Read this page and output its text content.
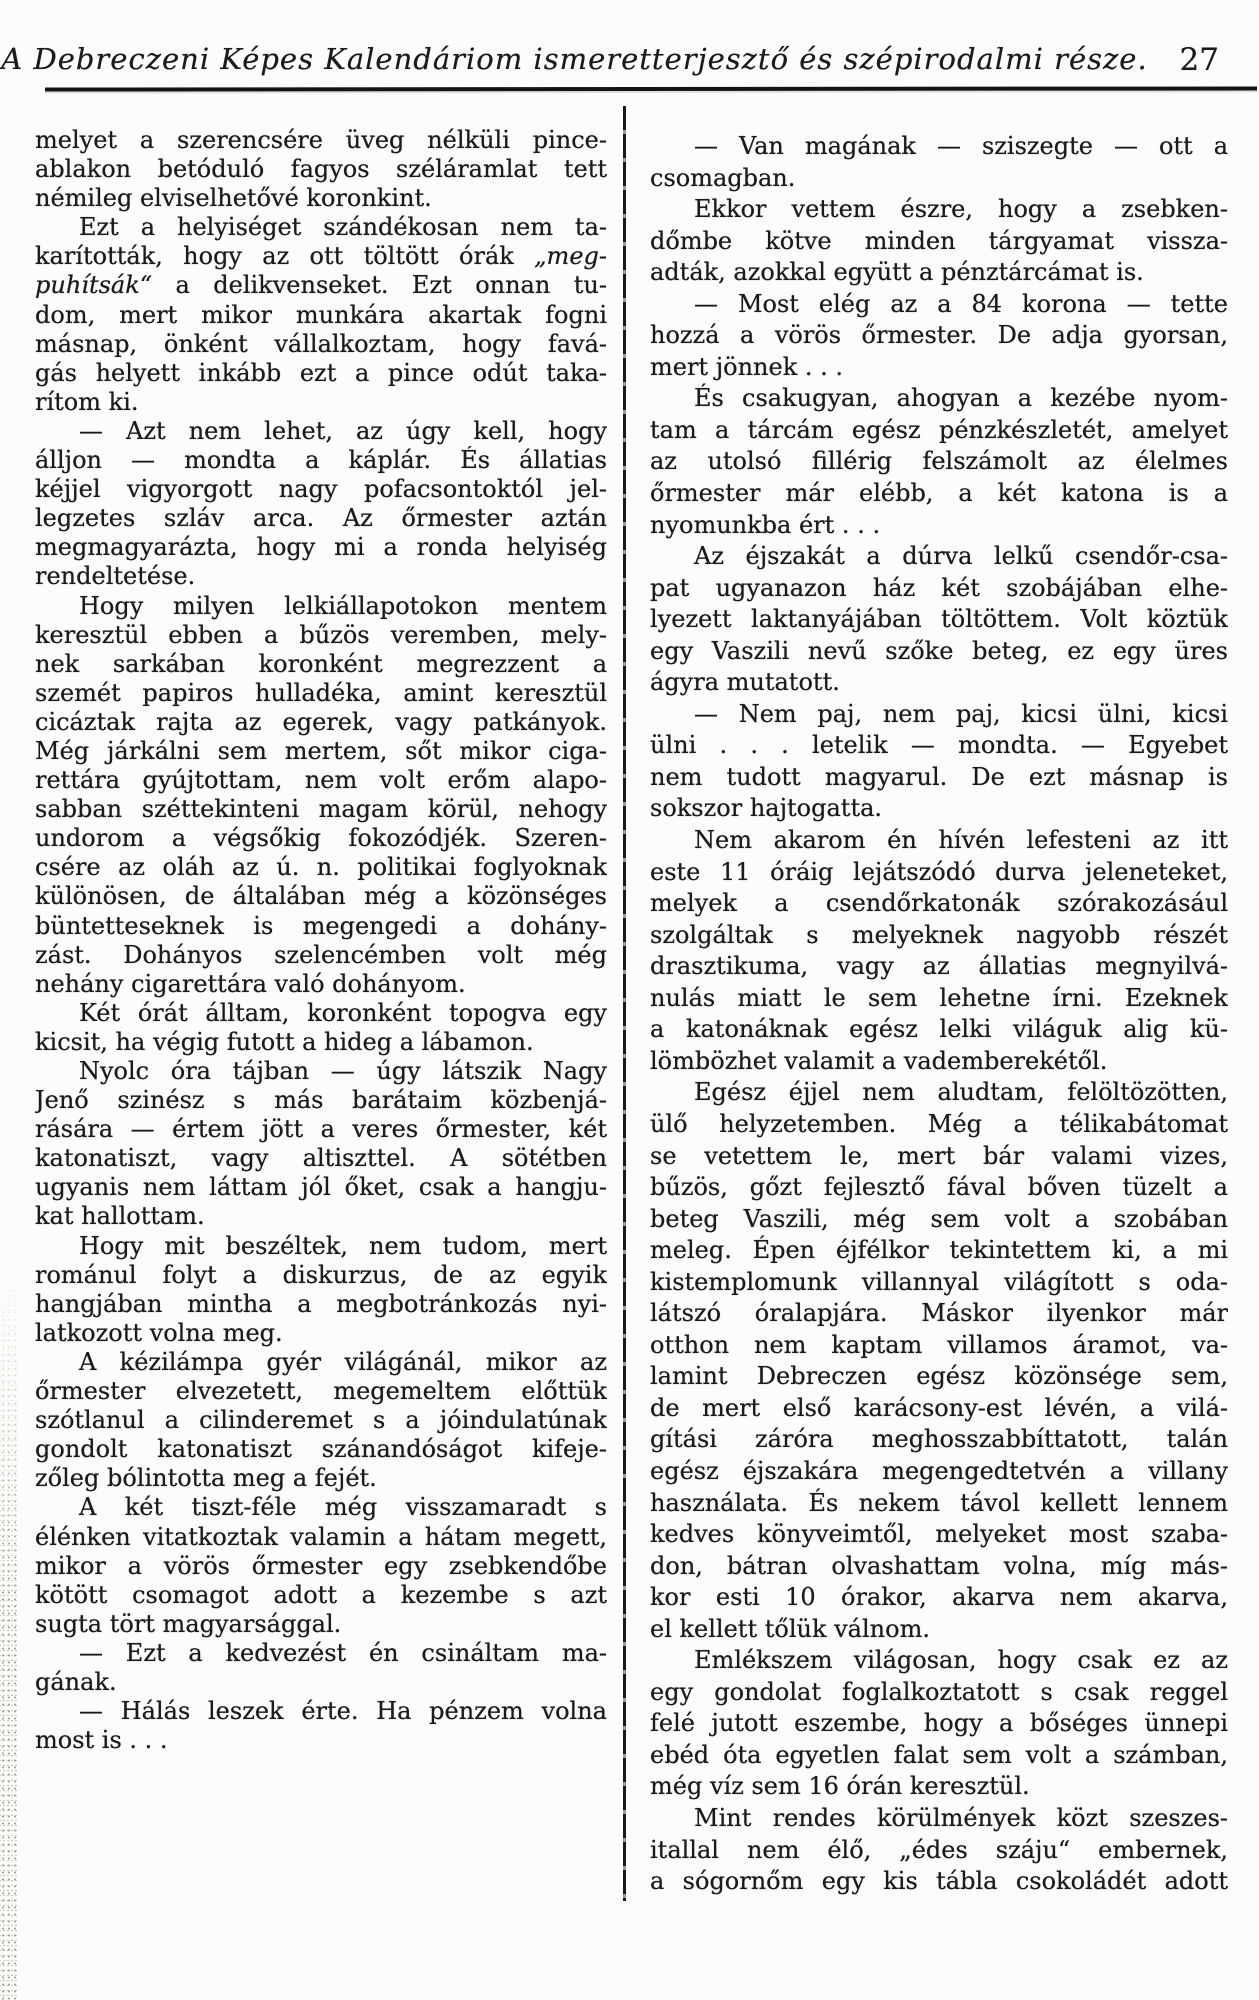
A Debreczeni Képes Kalendáriom ismeretterjesztő és szépirodalmi része. 27
melyet a szerencsére üveg nélküli pince-
ablakon betóduló fagyos széláramlat tett
némileg elviselhetővé koronkint.
Ezt a helyiséget szándékosan nem ta-
karították, hogy az ott töltött órák „meg-
puhítsák“ a delikvenseket. Ezt onnan tu-
dom, mert mikor munkára akartak fogni
másnap, önként vállalkoztam, hogy favá-
gás helyett inkább ezt a pince odút taka-
rítom ki.
— Azt nem lehet, az úgy kell, hogy
álljon — mondta a káplár. És állatias
kéjjel vigyorgott nagy pofacsontoktól jel-
legzetes szláv arca. Az őrmester aztán
megmagyarázta, hogy mi a ronda helyiség
rendeltetése.
Hogy milyen lelkiállapotokon mentem
keresztül ebben a bűzös veremben, mely-
nek sarkában koronként megrezzent a
szemét papiros hulladéka, amint keresztül
cicáztak rajta az egerek, vagy patkányok.
Még járkálni sem mertem, sőt mikor ciga-
rettára gyújtottam, nem volt erőm alapo-
sabban széttekinteni magam körül, nehogy
undorom a végsőkig fokozódjék. Szeren-
csére az oláh az ú. n. politikai foglyoknak
különösen, de általában még a közönséges
büntetteseknek is megengedi a dohány-
zást. Dohányos szelencémben volt még
nehány cigarettára való dohányom.
Két órát álltam, koronként topogva egy
kicsit, ha végig futott a hideg a lábamon.
Nyolc óra tájban — úgy látszik Nagy
Jenő szinész s más barátaim közbenjá-
rására — értem jött a veres őrmester, két
katonatiszt, vagy altiszttel. A sötétben
ugyanis nem láttam jól őket, csak a hangju-
kat hallottam.
Hogy mit beszéltek, nem tudom, mert
románul folyt a diskurzus, de az egyik
hangjában mintha a megbotránkozás nyi-
latkozott volna meg.
A kézilámpa gyér világánál, mikor az
őrmester elvezetett, megemeltem előttük
szótlanul a cilinderemet s a jóindulatúnak
gondolt katonatiszt szánandóságot kifeje-
zőleg bólintotta meg a fejét.
A két tiszt-féle még visszamaradt s
élénken vitatkoztak valamin a hátam megett,
mikor a vörös őrmester egy zsebkendőbe
kötött csomagot adott a kezembe s azt
sugta tört magyarsággal.
— Ezt a kedvezést én csináltam ma-
gának.
— Hálás leszek érte. Ha pénzem volna
most is . . .
— Van magának — sziszegte — ott a
csomagban.
Ekkor vettem észre, hogy a zsebken-
dőmbe kötve minden tárgyamat vissza-
adták, azokkal együtt a pénztárcámat is.
— Most elég az a 84 korona — tette
hozzá a vörös őrmester. De adja gyorsan,
mert jönnek . . .
És csakugyan, ahogyan a kezébe nyom-
tam a tárcám egész pénzkészletét, amelyet
az utolsó fillérig felszámolt az élelmes
őrmester már elébb, a két katona is a
nyomunkba ért . . .
Az éjszakát a dúrva lelkű csendőr-csa-
pat ugyanazon ház két szobájában elhe-
lyezett laktanyájában töltöttem. Volt köztük
egy Vaszili nevű szőke beteg, ez egy üres
ágyra mutatott.
— Nem paj, nem paj, kicsi ülni, kicsi
ülni . . . letelik — mondta. — Egyebet
nem tudott magyarul. De ezt másnap is
sokszor hajtogatta.
Nem akarom én hívén lefesteni az itt
este 11 óráig lejátszódó durva jeleneteket,
melyek a csendőrkatonák szórakozásául
szolgáltak s melyeknek nagyobb részét
drasztikuma, vagy az állatias megnyilvá-
nulás miatt le sem lehetne írni. Ezeknek
a katonáknak egész lelki világuk alig kü-
lömbözhet valamit a vademberekétől.
Egész éjjel nem aludtam, felöltözötten,
ülő helyzetemben. Még a télikabátomat
se vetettem le, mert bár valami vizes,
bűzös, gőzt fejlesztő fával bőven tüzelt a
beteg Vaszili, még sem volt a szobában
meleg. Épen éjfélkor tekintettem ki, a mi
kistemplomunk villannyal világított s oda-
látszó óralapjára. Máskor ilyenkor már
otthon nem kaptam villamos áramot, va-
lamint Debreczen egész közönsége sem,
de mert első karácsony-est lévén, a vilá-
gítási záróra meghosszabbíttatott, talán
egész éjszakára megengedtetvén a villany
használata. És nekem távol kellett lennem
kedves könyveimtől, melyeket most szaba-
don, bátran olvashattam volna, míg más-
kor esti 10 órakor, akarva nem akarva,
el kellett tőlük válnom.
Emlékszem világosan, hogy csak ez az
egy gondolat foglalkoztatott s csak reggel
felé jutott eszembe, hogy a bőséges ünnepi
ebéd óta egyetlen falat sem volt a számban,
még víz sem 16 órán keresztül.
Mint rendes körülmények közt szeszes-
itallal nem élő, „édes száju“ embernek,
a sógornőm egy kis tábla csokoládét adott
